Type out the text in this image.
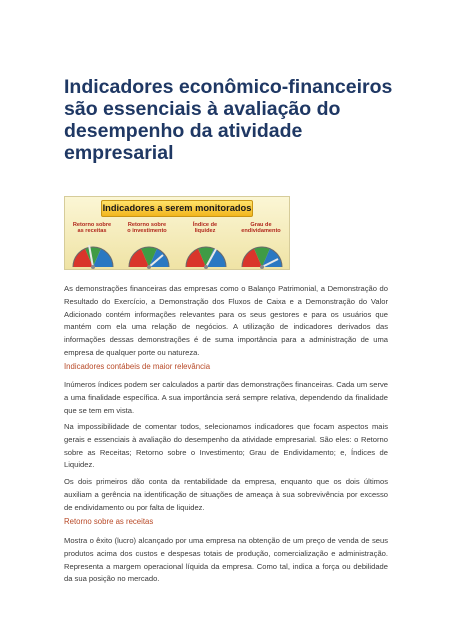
Indicadores econômico-financeiros são essenciais à avaliação do desempenho da atividade empresarial
Indicadores a serem monitorados
Retorno sobre
as receitas
Retorno sobre
o investimento
Índice de
liquidez
Grau de
endividamento

As demonstrações financeiras das empresas como o Balanço Patrimonial, a Demonstração do Resultado do Exercício, a Demonstração dos Fluxos de Caixa e a Demonstração do Valor Adicionado contém informações relevantes para os seus gestores e para os usuários que mantém com ela uma relação de negócios. A utilização de indicadores derivados das informações dessas demonstrações é de suma importância para a administração de uma empresa de qualquer porte ou natureza.

Indicadores contábeis de maior relevância

Inúmeros índices podem ser calculados a partir das demonstrações financeiras. Cada um serve a uma finalidade específica. A sua importância será sempre relativa, dependendo da finalidade que se tem em vista.

Na impossibilidade de comentar todos, selecionamos indicadores que focam aspectos mais gerais e essenciais à avaliação do desempenho da atividade empresarial. São eles: o Retorno sobre as Receitas; Retorno sobre o Investimento; Grau de Endividamento; e, Índices de Liquidez.

Os dois primeiros dão conta da rentabilidade da empresa, enquanto que os dois últimos auxiliam a gerência na identificação de situações de ameaça à sua sobrevivência por excesso de endividamento ou por falta de liquidez.

Retorno sobre as receitas

Mostra o êxito (lucro) alcançado por uma empresa na obtenção de um preço de venda de seus produtos acima dos custos e despesas totais de produção, comercialização e administração. Representa a margem operacional líquida da empresa. Como tal, indica a força ou debilidade da sua posição no mercado.
